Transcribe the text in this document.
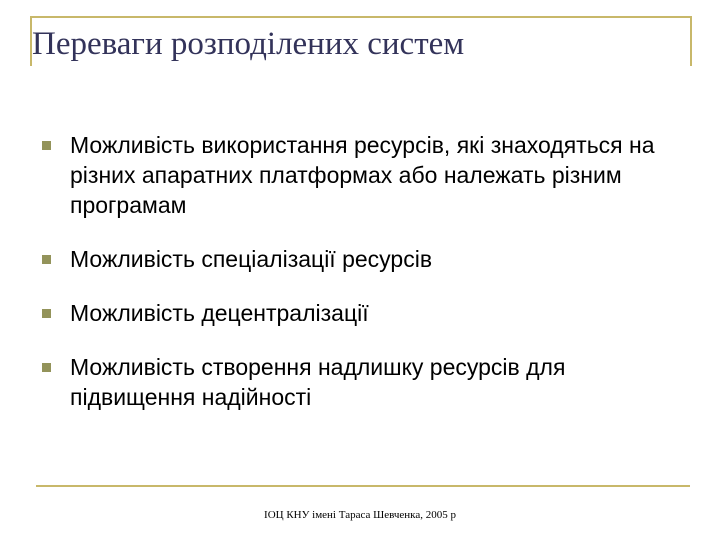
Переваги розподілених систем
Можливість використання ресурсів, які знаходяться на різних апаратних платформах або належать різним програмам
Можливість спеціалізації ресурсів
Можливість децентралізації
Можливість створення надлишку ресурсів для підвищення надійності

ІОЦ КНУ імені Тараса Шевченка, 2005 р
